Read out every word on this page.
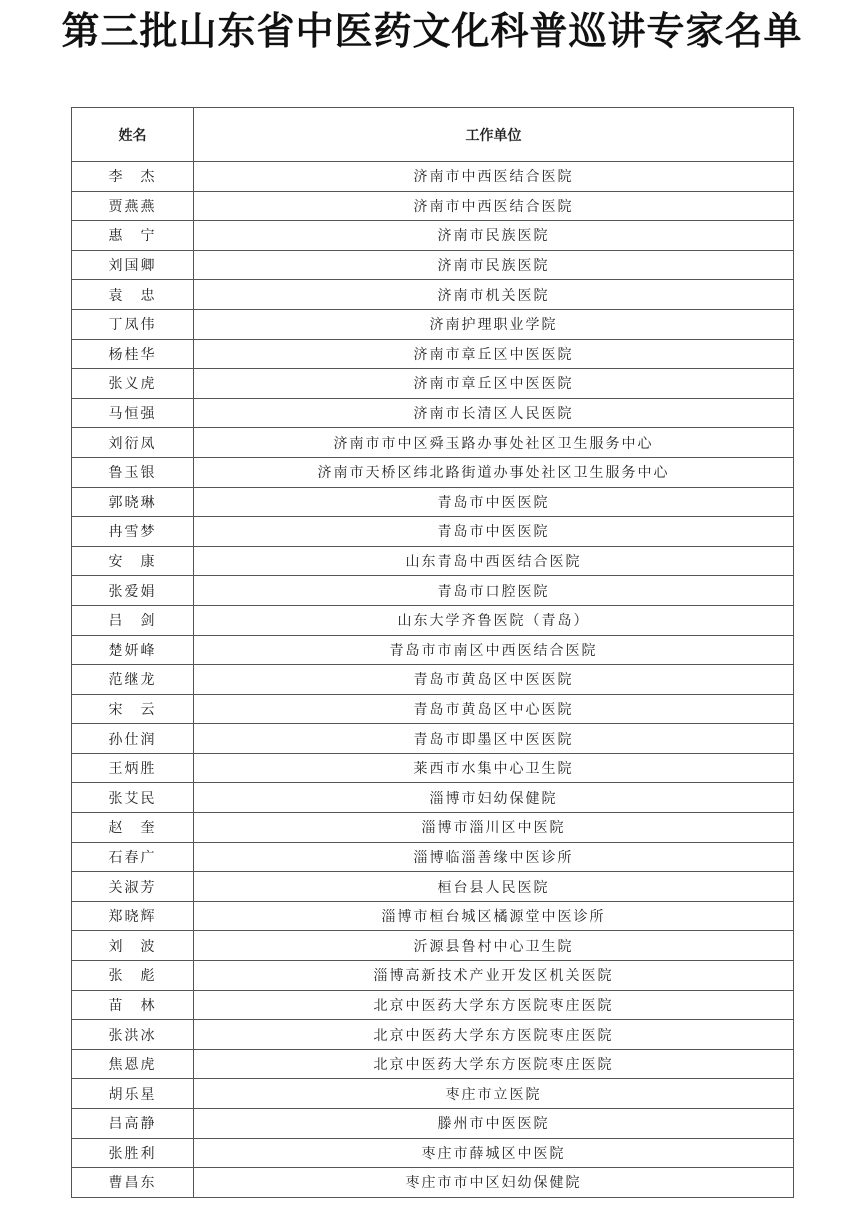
第三批山东省中医药文化科普巡讲专家名单
姓名	工作单位
李　杰	济南市中西医结合医院
贾燕燕	济南市中西医结合医院
惠　宁	济南市民族医院
刘国卿	济南市民族医院
袁　忠	济南市机关医院
丁凤伟	济南护理职业学院
杨桂华	济南市章丘区中医医院
张义虎	济南市章丘区中医医院
马恒强	济南市长清区人民医院
刘衍凤	济南市市中区舜玉路办事处社区卫生服务中心
鲁玉银	济南市天桥区纬北路街道办事处社区卫生服务中心
郭晓琳	青岛市中医医院
冉雪梦	青岛市中医医院
安　康	山东青岛中西医结合医院
张爱娟	青岛市口腔医院
吕　剑	山东大学齐鲁医院（青岛）
楚妍峰	青岛市市南区中西医结合医院
范继龙	青岛市黄岛区中医医院
宋　云	青岛市黄岛区中心医院
孙仕润	青岛市即墨区中医医院
王炳胜	莱西市水集中心卫生院
张艾民	淄博市妇幼保健院
赵　奎	淄博市淄川区中医院
石春广	淄博临淄善缘中医诊所
关淑芳	桓台县人民医院
郑晓辉	淄博市桓台城区橘源堂中医诊所
刘　波	沂源县鲁村中心卫生院
张　彪	淄博高新技术产业开发区机关医院
苗　林	北京中医药大学东方医院枣庄医院
张洪冰	北京中医药大学东方医院枣庄医院
焦恩虎	北京中医药大学东方医院枣庄医院
胡乐星	枣庄市立医院
吕高静	滕州市中医医院
张胜利	枣庄市薛城区中医院
曹昌东	枣庄市市中区妇幼保健院
